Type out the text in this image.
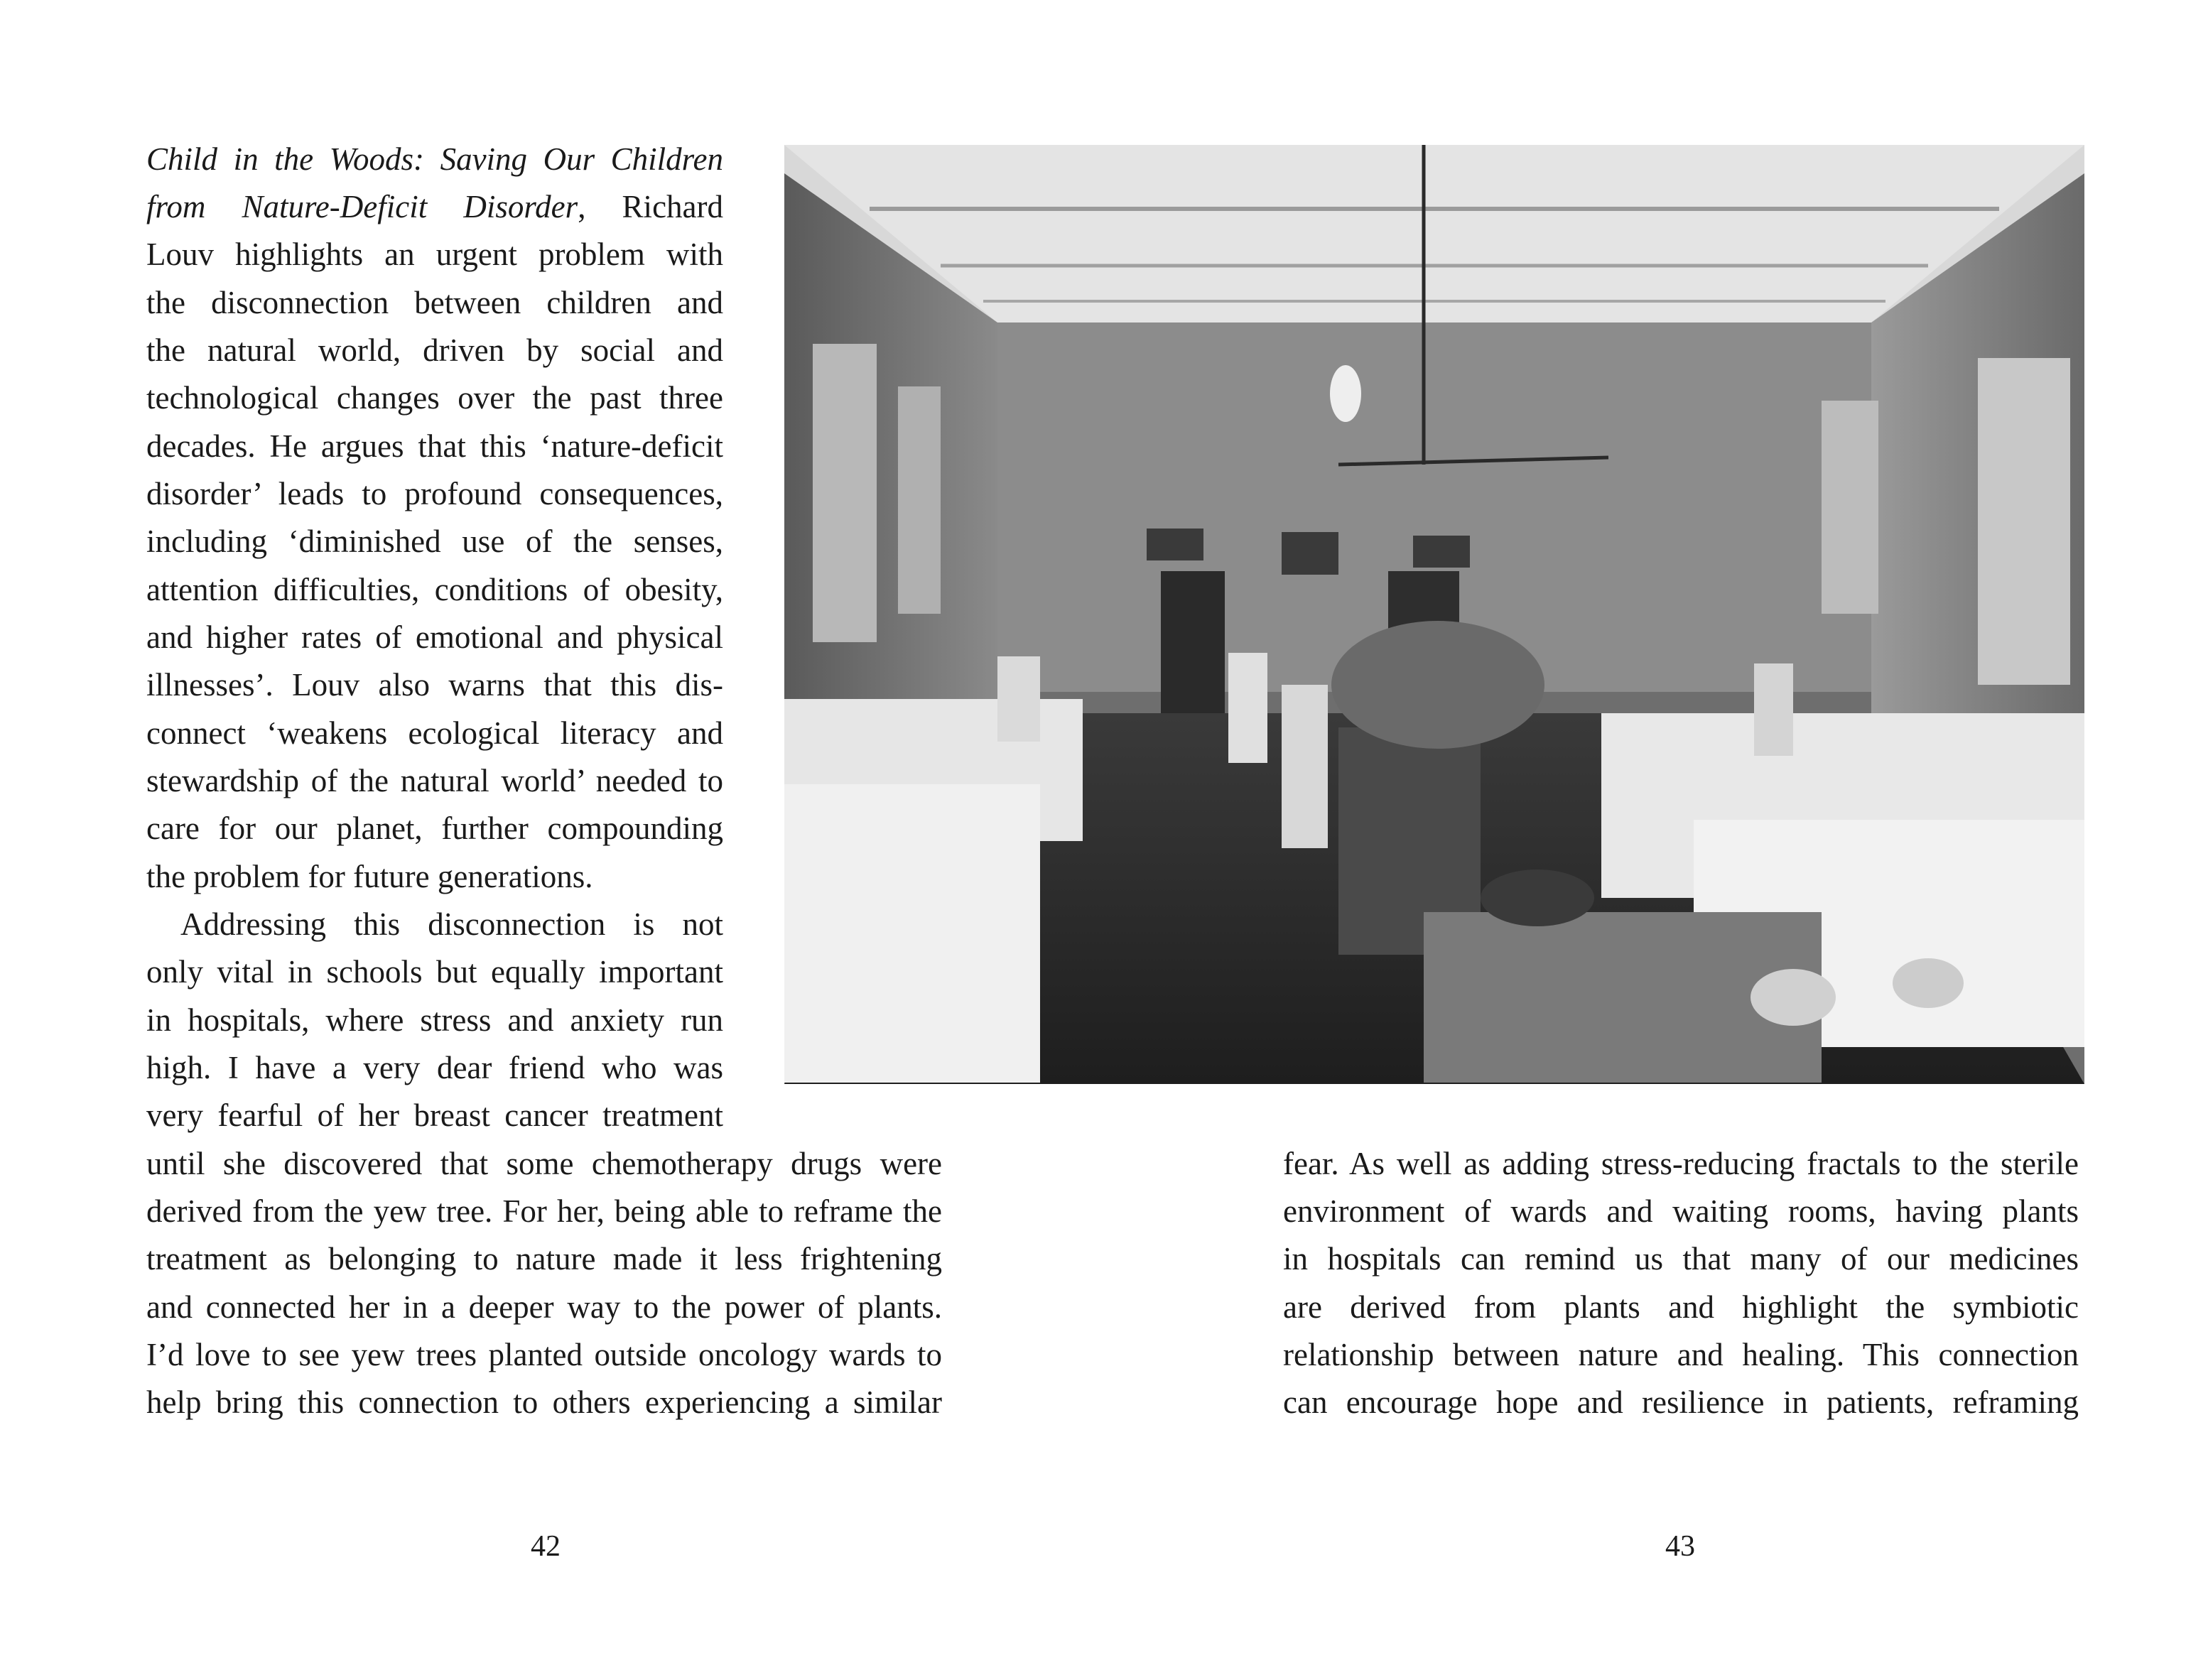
Child in the Woods: Saving Our Children
from Nature-Deficit Disorder, Richard
Louv highlights an urgent problem with
the disconnection between children and
the natural world, driven by social and
technological changes over the past three
decades. He argues that this ‘nature-deficit
disorder’ leads to profound consequences,
including ‘diminished use of the senses,
attention difficulties, conditions of obesity,
and higher rates of emotional and physical
illnesses’. Louv also warns that this dis-
connect ‘weakens ecological literacy and
stewardship of the natural world’ needed to
care for our planet, further compounding
the problem for future generations.
Addressing this disconnection is not
only vital in schools but equally important
in hospitals, where stress and anxiety run
high. I have a very dear friend who was
very fearful of her breast cancer treatment
until she discovered that some chemotherapy drugs were
derived from the yew tree. For her, being able to reframe the
treatment as belonging to nature made it less frightening
and connected her in a deeper way to the power of plants.
I’d love to see yew trees planted outside oncology wards to
help bring this connection to others experiencing a similar
42
fear. As well as adding stress-reducing fractals to the sterile
environment of wards and waiting rooms, having plants
in hospitals can remind us that many of our medicines
are derived from plants and highlight the symbiotic
relationship between nature and healing. This connection
can encourage hope and resilience in patients, reframing
43
